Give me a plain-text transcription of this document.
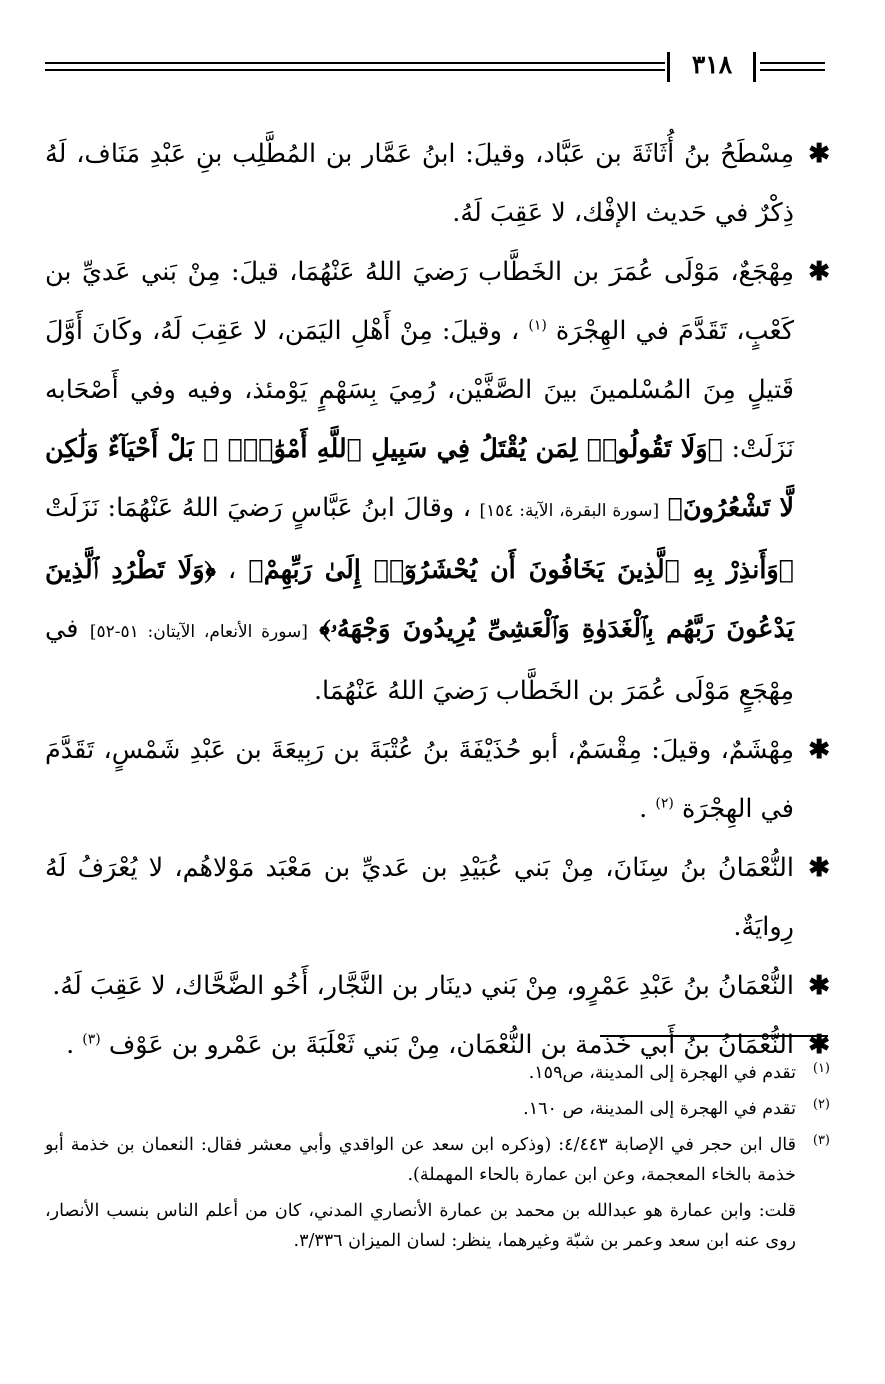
٣١٨
✱
مِسْطَحُ بنُ أُثَاثَةَ بن عَبَّاد، وقيلَ: ابنُ عَمَّار بن المُطَّلِب بنِ عَبْدِ مَنَاف، لَهُ ذِكْرٌ في حَديث الإفْك، لا عَقِبَ لَهُ.
✱
مِهْجَعٌ، مَوْلَى عُمَرَ بن الخَطَّاب رَضيَ اللهُ عَنْهُمَا، قيلَ: مِنْ بَني عَديِّ بن كَعْبٍ، تَقَدَّمَ في الهِجْرَة $^{(١)}$ ، وقيلَ: مِنْ أَهْلِ اليَمَن، لا عَقِبَ لَهُ، وكَانَ أَوَّلَ قَتيلٍ مِنَ المُسْلمينَ بينَ الصَّفَّيْن، رُمِيَ بِسَهْمٍ يَوْمئذ، وفيه وفي أَصْحَابه نَزَلَتْ: ﴿وَلَا تَقُولُوا۟ لِمَن يُقْتَلُ فِي سَبِيلِ ٱللَّهِ أَمْوَٰتٌۢ ۚ بَلْ أَحْيَآءٌ وَلَٰكِن لَّا تَشْعُرُونَ﴾ [سورة البقرة، الآية: ١٥٤] ، وقالَ ابنُ عَبَّاسٍ رَضيَ اللهُ عَنْهُمَا: نَزَلَتْ ﴿وَأَنذِرْ بِهِ ٱلَّذِينَ يَخَافُونَ أَن يُحْشَرُوٓا۟ إِلَىٰ رَبِّهِمْ﴾ ، ﴿وَلَا تَطْرُدِ ٱلَّذِينَ يَدْعُونَ رَبَّهُم بِٱلْغَدَوٰةِ وَٱلْعَشِىِّ يُرِيدُونَ وَجْهَهُۥ﴾ [سورة الأنعام، الآيتان: ٥١-٥٢] في مِهْجَعٍ مَوْلَى عُمَرَ بن الخَطَّاب رَضيَ اللهُ عَنْهُمَا.
✱
مِهْشَمٌ، وقيلَ: مِقْسَمٌ، أبو حُذَيْفَةَ بنُ عُتْبَةَ بن رَبِيعَةَ بن عَبْدِ شَمْسٍ، تَقَدَّمَ في الهِجْرَة $^{(٢)}$ .
✱
النُّعْمَانُ بنُ سِنَانَ، مِنْ بَني عُبَيْدِ بن عَديِّ بن مَعْبَد مَوْلاهُم، لا يُعْرَفُ لَهُ رِوايَةٌ.
✱
النُّعْمَانُ بنُ عَبْدِ عَمْرٍو، مِنْ بَني دينَار بن النَّجَّار، أَخُو الضَّحَّاك، لا عَقِبَ لَهُ.
✱
النُّعْمَانُ بنُ أَبي خَذمة بن النُّعْمَان، مِنْ بَني ثَعْلَبَةَ بن عَمْرو بن عَوْف $^{(٣)}$ .
(١)
تقدم في الهجرة إلى المدينة، ص١٥٩.
(٢)
تقدم في الهجرة إلى المدينة، ص ١٦٠.
(٣)
قال ابن حجر في الإصابة ٤/٤٤٣: (وذكره ابن سعد عن الواقدي وأبي معشر فقال: النعمان بن خذمة أبو خذمة بالخاء المعجمة، وعن ابن عمارة بالحاء المهملة).
قلت: وابن عمارة هو عبدالله بن محمد بن عمارة الأنصاري المدني، كان من أعلم الناس بنسب الأنصار، روى عنه ابن سعد وعمر بن شبّة وغيرهما، ينظر: لسان الميزان ٣/٣٣٦.
